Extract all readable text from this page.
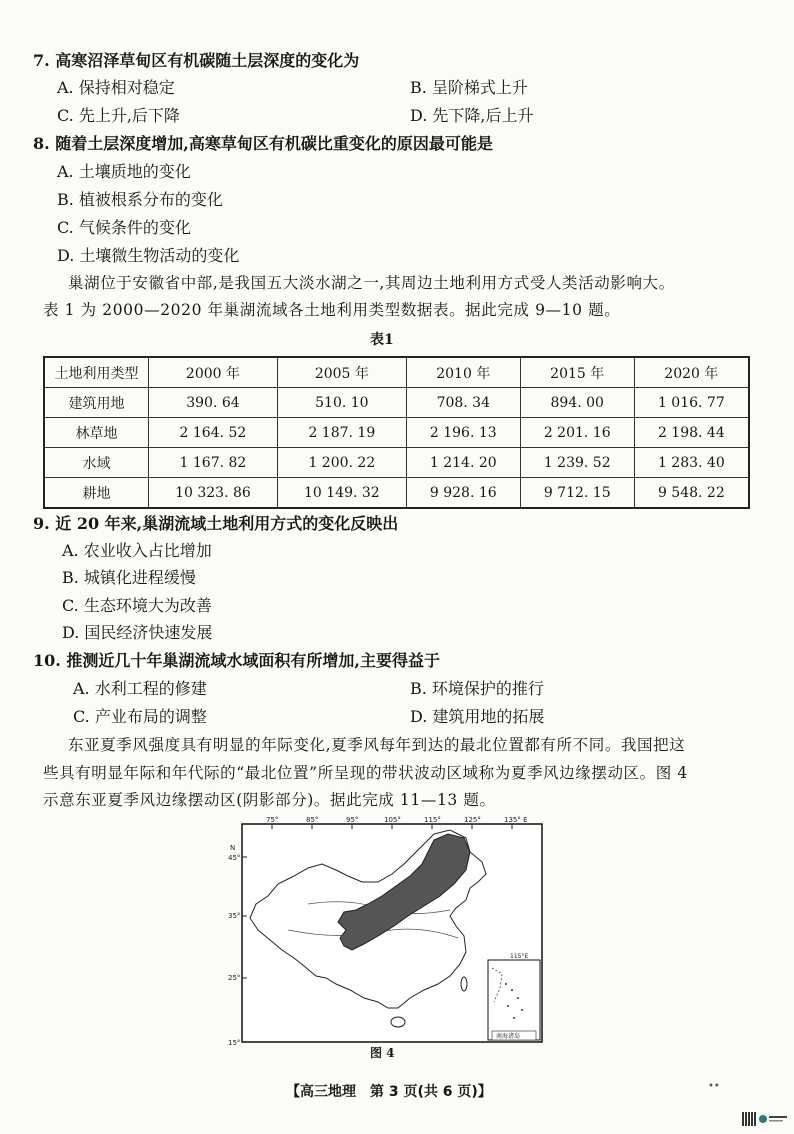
7. 高寒沼泽草甸区有机碳随土层深度的变化为
A. 保持相对稳定	B. 呈阶梯式上升
C. 先上升,后下降	D. 先下降,后上升
8. 随着土层深度增加,高寒草甸区有机碳比重变化的原因最可能是
A. 土壤质地的变化
B. 植被根系分布的变化
C. 气候条件的变化
D. 土壤微生物活动的变化
巢湖位于安徽省中部,是我国五大淡水湖之一,其周边土地利用方式受人类活动影响大。
表 1 为 2000—2020 年巢湖流域各土地利用类型数据表。据此完成 9—10 题。
表1
土地利用类型	2000 年	2005 年	2010 年	2015 年	2020 年
建筑用地	390. 64	510. 10	708. 34	894. 00	1 016. 77
林草地	2 164. 52	2 187. 19	2 196. 13	2 201. 16	2 198. 44
水域	1 167. 82	1 200. 22	1 214. 20	1 239. 52	1 283. 40
耕地	10 323. 86	10 149. 32	9 928. 16	9 712. 15	9 548. 22
9. 近 20 年来,巢湖流域土地利用方式的变化反映出
A. 农业收入占比增加
B. 城镇化进程缓慢
C. 生态环境大为改善
D. 国民经济快速发展
10. 推测近几十年巢湖流域水域面积有所增加,主要得益于
A. 水利工程的修建	B. 环境保护的推行
C. 产业布局的调整	D. 建筑用地的拓展
东亚夏季风强度具有明显的年际变化,夏季风每年到达的最北位置都有所不同。我国把这
些具有明显年际和年代际的“最北位置”所呈现的带状波动区域称为夏季风边缘摆动区。图 4
示意东亚夏季风边缘摆动区(阴影部分)。据此完成 11—13 题。
75°	85°	95°	105°	115°	125°	135° E
N
45°
35°
25°
15°
115°E
南海诸岛
图 4
【高三地理　第 3 页(共 6 页)】	••
